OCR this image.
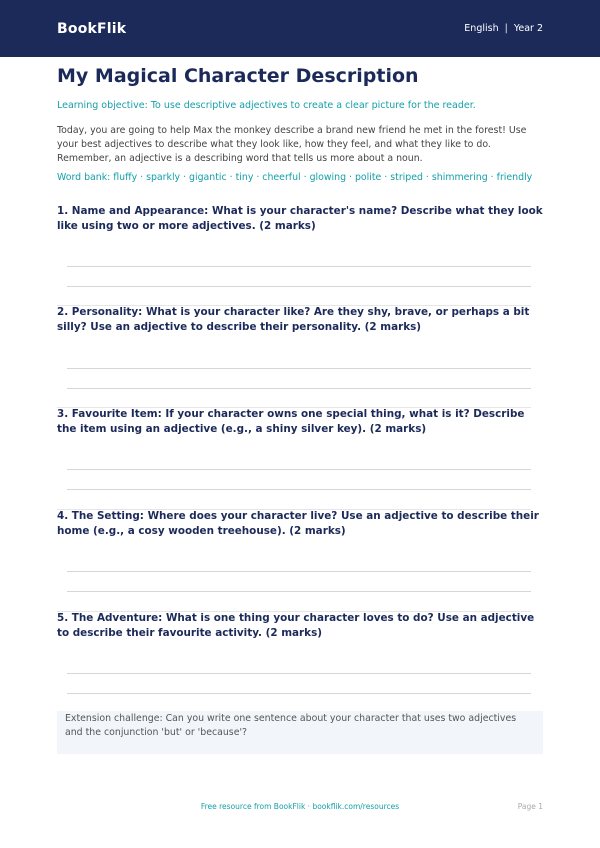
BookFlik	English | Year 2
My Magical Character Description

Learning objective: To use descriptive adjectives to create a clear picture for the reader.

Today, you are going to help Max the monkey describe a brand new friend he met in the forest! Use your best adjectives to describe what they look like, how they feel, and what they like to do. Remember, an adjective is a describing word that tells us more about a noun.

Word bank: fluffy · sparkly · gigantic · tiny · cheerful · glowing · polite · striped · shimmering · friendly

1. Name and Appearance: What is your character's name? Describe what they look like using two or more adjectives. (2 marks)

2. Personality: What is your character like? Are they shy, brave, or perhaps a bit silly? Use an adjective to describe their personality. (2 marks)

3. Favourite Item: If your character owns one special thing, what is it? Describe the item using an adjective (e.g., a shiny silver key). (2 marks)

4. The Setting: Where does your character live? Use an adjective to describe their home (e.g., a cosy wooden treehouse). (2 marks)

5. The Adventure: What is one thing your character loves to do? Use an adjective to describe their favourite activity. (2 marks)

Extension challenge: Can you write one sentence about your character that uses two adjectives and the conjunction 'but' or 'because'?
Free resource from BookFlik · bookflik.com/resources	Page 1
